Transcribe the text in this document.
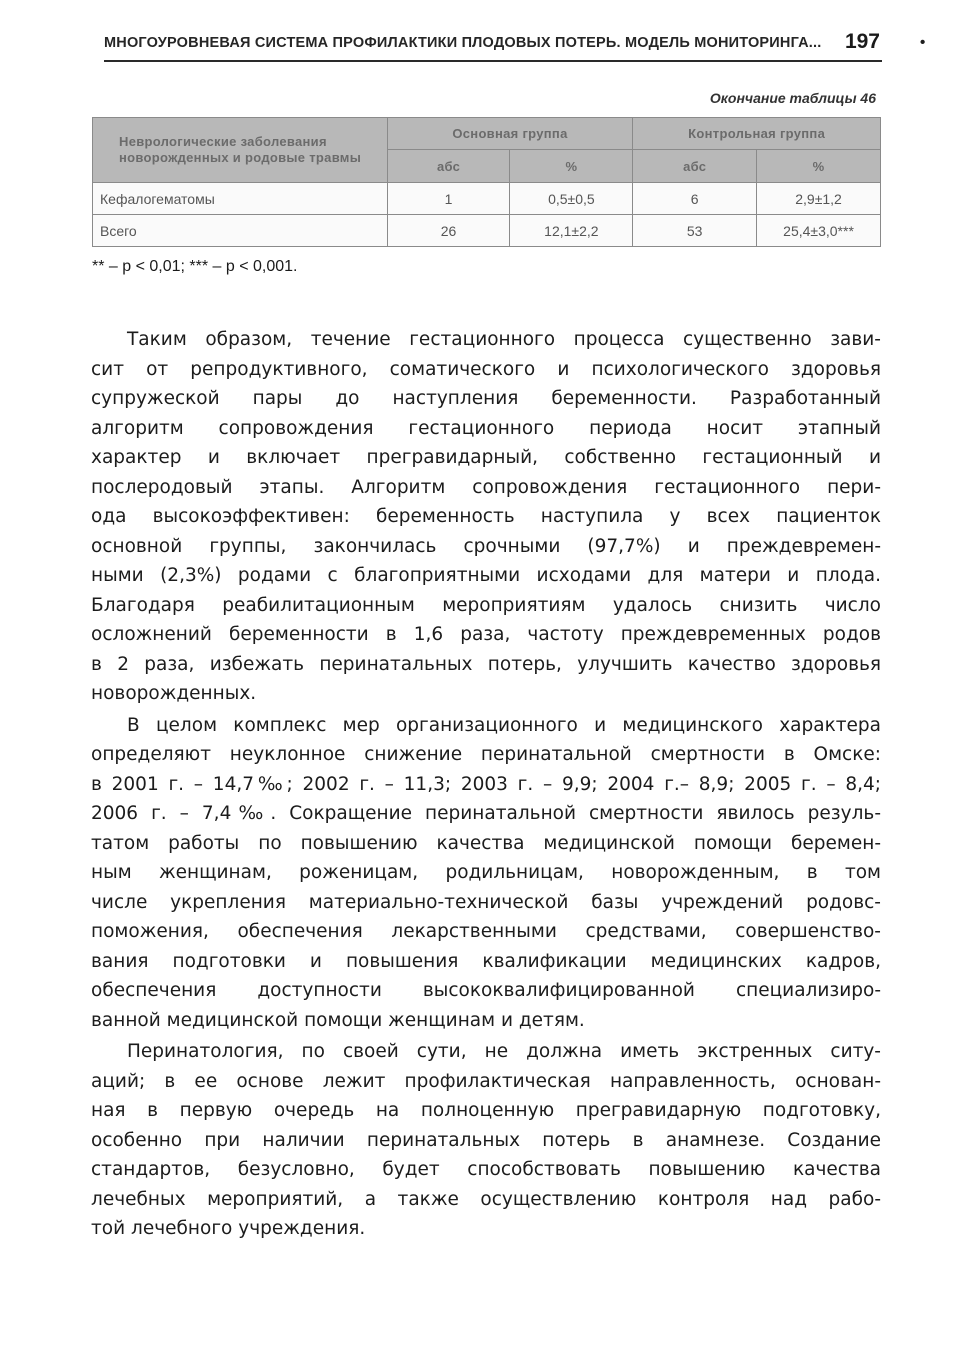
МНОГОУРОВНЕВАЯ СИСТЕМА ПРОФИЛАКТИКИ ПЛОДОВЫХ ПОТЕРЬ. МОДЕЛЬ МОНИТОРИНГА...	•
197
Окончание таблицы 46
Неврологические заболевания новорожденных и родовые травмы	Основная группа		Контрольная группа	
	абс	%	абс	%
Кефалогематомы	1	0,5±0,5	6	2,9±1,2
Всего	26	12,1±2,2	53	25,4±3,0***
** – p < 0,01; *** – p < 0,001.

Таким образом, течение гестационного процесса существенно зави-
сит от репродуктивного, соматического и психологического здоровья
супружеской пары до наступления беременности. Разработанный
алгоритм сопровождения гестационного периода носит этапный
характер и включает прегравидарный, собственно гестационный и
послеродовый этапы. Алгоритм сопровождения гестационного пери-
ода высокоэффективен: беременность наступила у всех пациенток
основной группы, закончилась срочными (97,7%) и преждевремен-
ными (2,3%) родами с благоприятными исходами для матери и плода.
Благодаря реабилитационным мероприятиям удалось снизить число
осложнений беременности в 1,6 раза, частоту преждевременных родов
в 2 раза, избежать перинатальных потерь, улучшить качество здоровья
новорожденных.

В целом комплекс мер организационного и медицинского характера
определяют неуклонное снижение перинатальной смертности в Омске:
в 2001 г. – 14,7‰; 2002 г. – 11,3; 2003 г. – 9,9; 2004 г.– 8,9; 2005 г. – 8,4;
2006 г. – 7,4‰. Сокращение перинатальной смертности явилось резуль-
татом работы по повышению качества медицинской помощи беремен-
ным женщинам, роженицам, родильницам, новорожденным, в том
числе укрепления материально-технической базы учреждений родовс-
поможения, обеспечения лекарственными средствами, совершенство-
вания подготовки и повышения квалификации медицинских кадров,
обеспечения доступности высококвалифицированной специализиро-
ванной медицинской помощи женщинам и детям.

Перинатология, по своей сути, не должна иметь экстренных ситу-
аций; в ее основе лежит профилактическая направленность, основан-
ная в первую очередь на полноценную прегравидарную подготовку,
особенно при наличии перинатальных потерь в анамнезе. Создание
стандартов, безусловно, будет способствовать повышению качества
лечебных мероприятий, а также осуществлению контроля над рабо-
той лечебного учреждения.
